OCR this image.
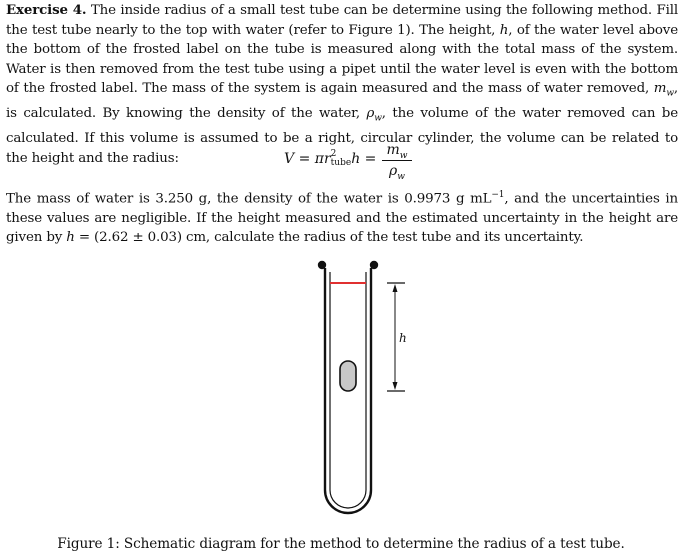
Exercise 4. The inside radius of a small test tube can be determine using the following method. Fill the test tube nearly to the top with water (refer to Figure 1). The height, h, of the water level above the bottom of the frosted label on the tube is measured along with the total mass of the system. Water is then removed from the test tube using a pipet until the water level is even with the bottom of the frosted label. The mass of the system is again measured and the mass of water removed, $m_w$, is calculated. By knowing the density of the water, $\rho_w$, the volume of the water removed can be calculated. If this volume is assumed to be a right, circular cylinder, the volume can be related to the height and the radius:	V = πr 2
tube h =
$m_w$
$\rho_w$
The mass of water is 3.250 g, the density of the water is 0.9973 g $mL^{-1}$, and the uncertainties in these values are negligible. If the height measured and the estimated uncertainty in the height are given by h = (2.62 ± 0.03) cm, calculate the radius of the test tube and its uncertainty.
h
Figure 1: Schematic diagram for the method to determine the radius of a test tube.
